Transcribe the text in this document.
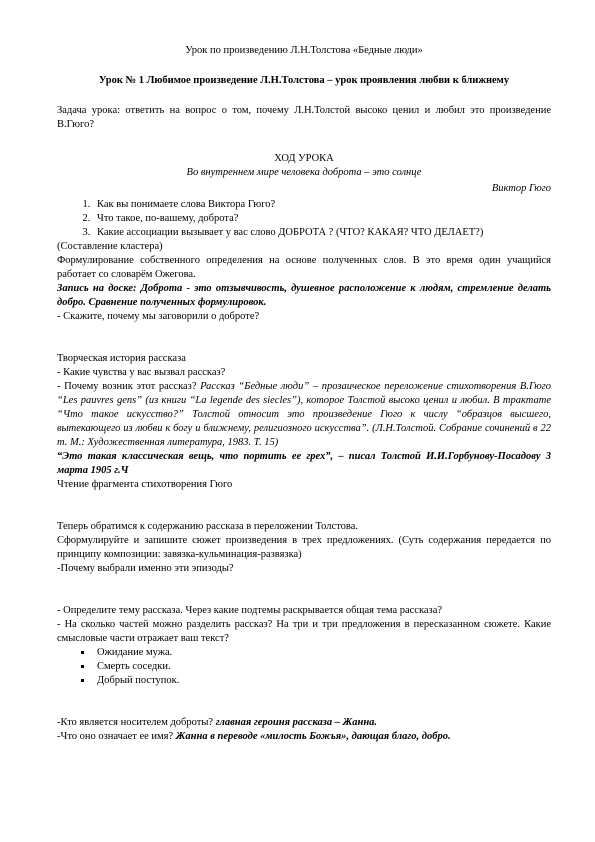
Урок по произведению Л.Н.Толстова «Бедные люди»

Урок № 1 Любимое произведение Л.Н.Толстова – урок проявления любви к ближнему

Задача урока: ответить на вопрос о том, почему Л.Н.Толстой высоко ценил и любил это произведение В.Гюго?

ХОД УРОКА

Во внутреннем мире человека доброта – это солнце

Виктор Гюго

1. Как вы понимаете слова Виктора Гюго?
2. Что такое, по-вашему, доброта?
3. Какие ассоциации вызывает у вас слово ДОБРОТА ? (ЧТО? КАКАЯ? ЧТО ДЕЛАЕТ?)

(Составление кластера)

Формулирование собственного определения на основе полученных слов. В это время один учащийся работает со словарём Ожегова.

Запись на доске: Доброта - это отзывчивость, душевное расположение к людям, стремление делать добро. Сравнение полученных формулировок.

- Скажите, почему мы заговорили о доброте?

Творческая история рассказа

- Какие чувства у вас вызвал рассказ?

- Почему возник этот рассказ? Рассказ “Бедные люди” – прозаическое переложение стихотворения В.Гюго “Les pauvres gens” (из книги “La legende des siecles”), которое Толстой высоко ценил и любил. В трактате “Что такое искусство?” Толстой относит это произведение Гюго к числу “образцов высшего, вытекающего из любви к богу и ближнему, религиозного искусства”. (Л.Н.Толстой. Собрание сочинений в 22 т. М.: Художественная литература, 1983. Т. 15)

“Это такая классическая вещь, что портить ее грех”, – писал Толстой И.И.Горбунову-Посадову 3 марта 1905 г.Ч

Чтение фрагмента стихотворения Гюго

Теперь обратимся к содержанию рассказа в переложении Толстова.

Сформулируйте и запишите сюжет произведения в трех предложениях. (Суть содержания передается по принципу композиции: завязка-кульминация-развязка)

-Почему выбрали именно эти эпизоды?

- Определите тему рассказа. Через какие подтемы раскрывается общая тема рассказа?

- На сколько частей можно разделить рассказ? На три и три предложения в пересказанном сюжете. Какие смысловые части отражает ваш текст?

▪ Ожидание мужа.
▪ Смерть соседки.
▪ Добрый поступок.

-Кто является носителем доброты? главная героиня рассказа – Жанна.

-Что оно означает ее имя? Жанна в переводе «милость Божья», дающая благо, добро.
